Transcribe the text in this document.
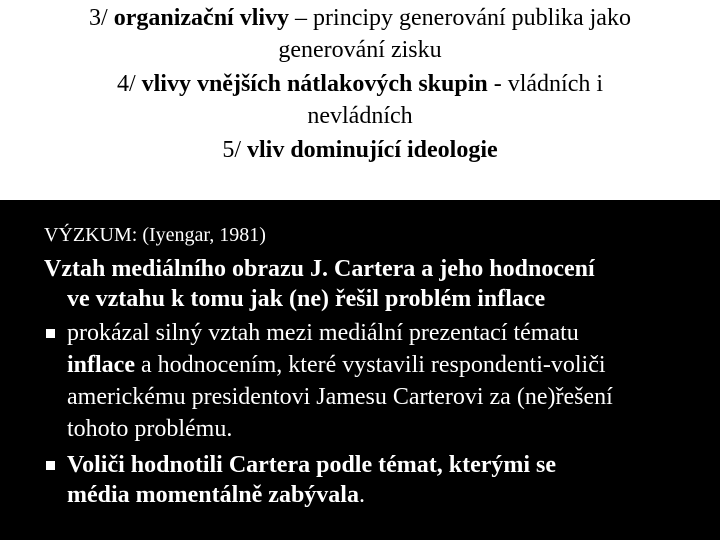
3/ organizační vlivy – principy generování publika jako
generování zisku
4/ vlivy vnějších nátlakových skupin - vládních i
nevládních
5/ vliv dominující ideologie
VÝZKUM: (Iyengar, 1981)
Vztah mediálního obrazu J. Cartera a jeho hodnocení
ve vztahu k tomu jak (ne) řešil problém inflace
prokázal silný vztah mezi mediální prezentací tématu
inflace a hodnocením, které vystavili respondenti-voliči
americkému presidentovi Jamesu Carterovi za (ne)řešení
tohoto problému.
Voliči hodnotili Cartera podle témat, kterými se
média momentálně zabývala.
